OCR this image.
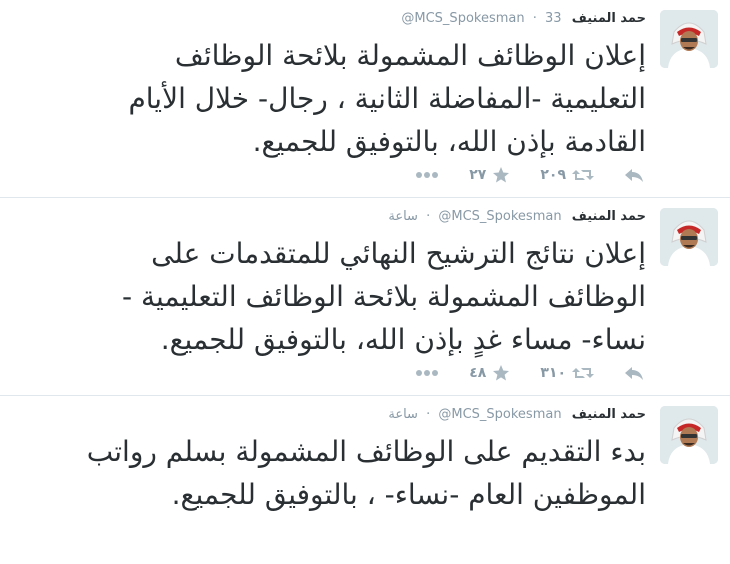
حمد المنيف @MCS_Spokesman · 33
إعلان الوظائف المشمولة بلائحة الوظائف التعليمية -المفاضلة الثانية ، رجال- خلال الأيام القادمة بإذن الله، بالتوفيق للجميع.
٢٠٩
٢٧
حمد المنيف @MCS_Spokesman · ساعة
إعلان نتائج الترشيح النهائي للمتقدمات على الوظائف المشمولة بلائحة الوظائف التعليمية - نساء- مساء غدٍ بإذن الله، بالتوفيق للجميع.
٣١٠
٤٨
حمد المنيف @MCS_Spokesman · ساعة
بدء التقديم على الوظائف المشمولة بسلم رواتب الموظفين العام -نساء- ، بالتوفيق للجميع.
